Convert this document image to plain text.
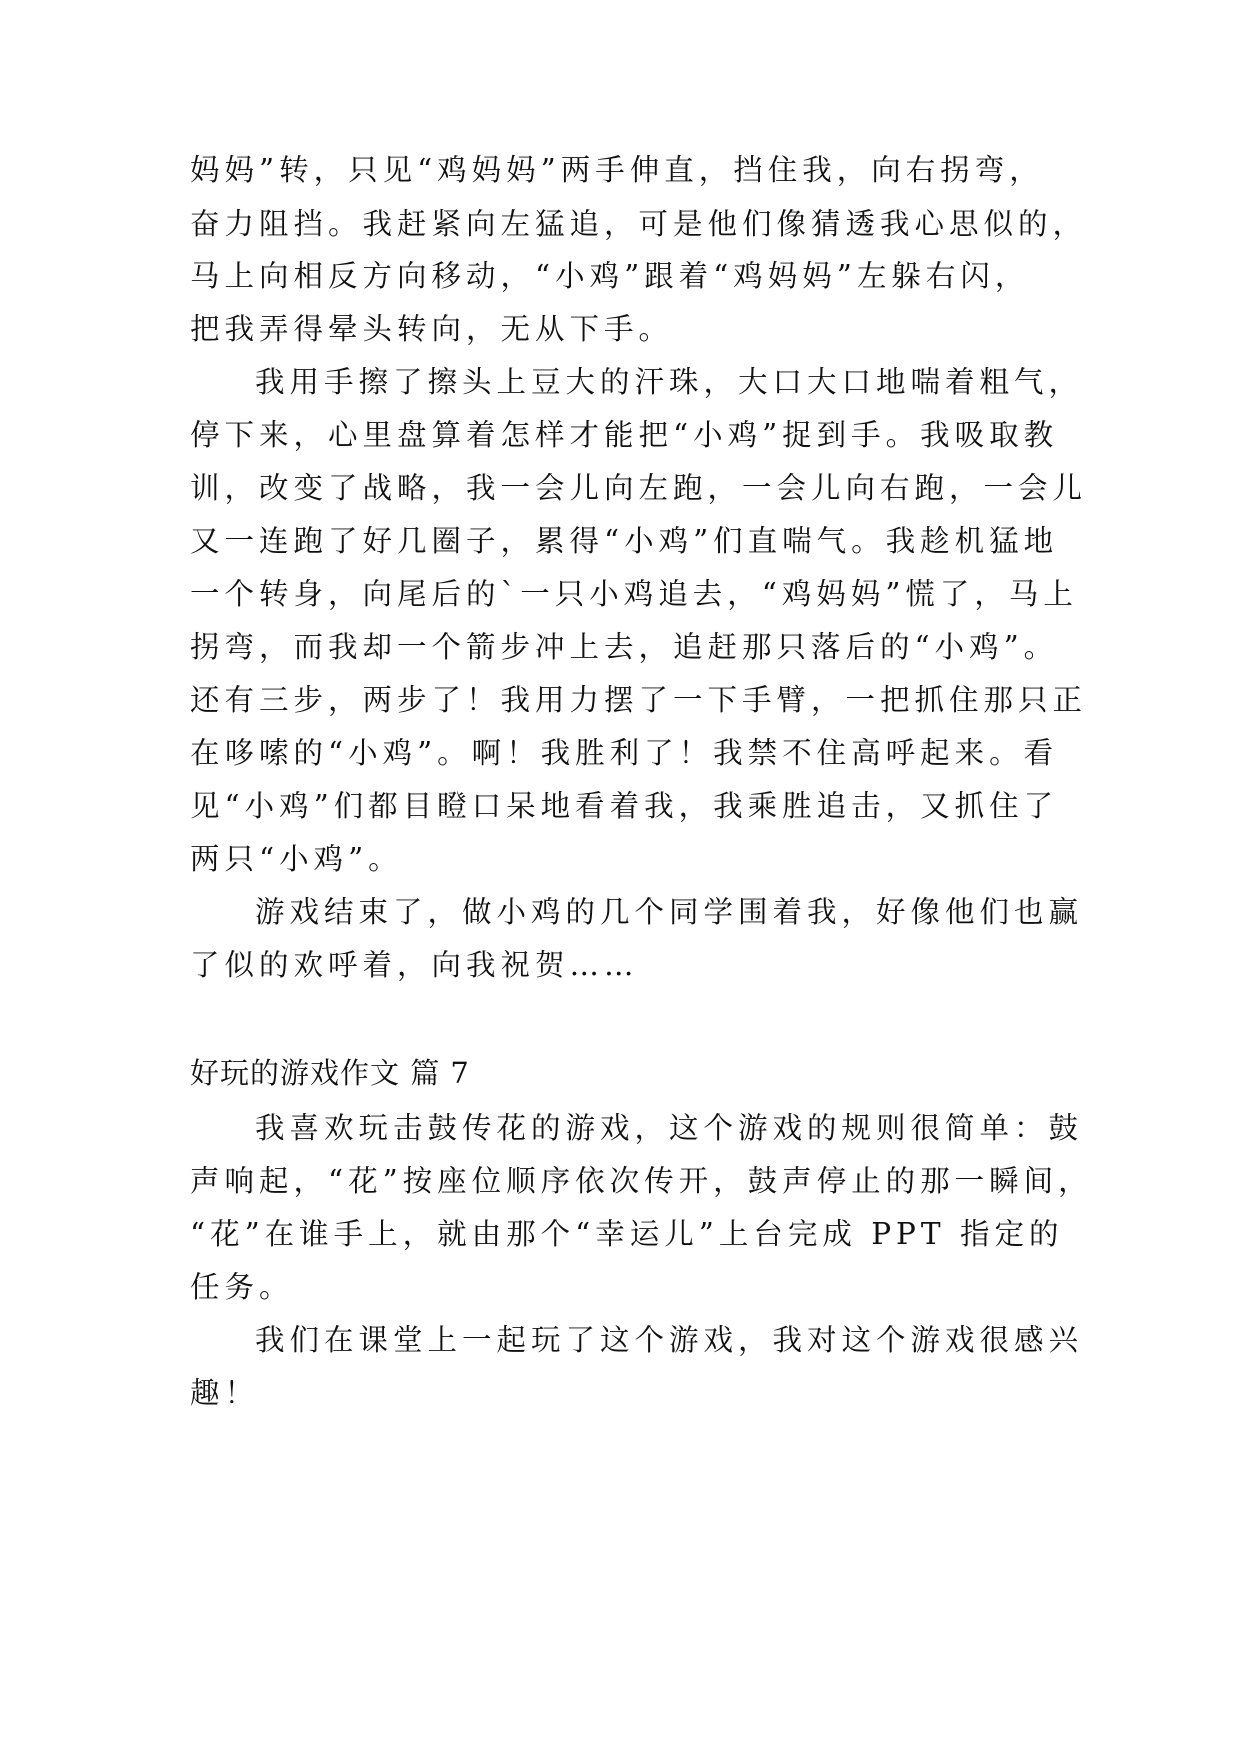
妈妈”转，只见“鸡妈妈”两手伸直，挡住我，向右拐弯，
奋力阻挡。我赶紧向左猛追，可是他们像猜透我心思似的，
马上向相反方向移动，“小鸡”跟着“鸡妈妈”左躲右闪，
把我弄得晕头转向，无从下手。
我用手擦了擦头上豆大的汗珠，大口大口地喘着粗气，
停下来，心里盘算着怎样才能把“小鸡”捉到手。我吸取教
训，改变了战略，我一会儿向左跑，一会儿向右跑，一会儿
又一连跑了好几圈子，累得“小鸡”们直喘气。我趁机猛地
一个转身，向尾后的`一只小鸡追去，“鸡妈妈”慌了，马上
拐弯，而我却一个箭步冲上去，追赶那只落后的“小鸡”。
还有三步，两步了！我用力摆了一下手臂，一把抓住那只正
在哆嗦的“小鸡”。啊！我胜利了！我禁不住高呼起来。看
见“小鸡”们都目瞪口呆地看着我，我乘胜追击，又抓住了
两只“小鸡”。
游戏结束了，做小鸡的几个同学围着我，好像他们也赢
了似的欢呼着，向我祝贺……
好玩的游戏作文 篇 7
我喜欢玩击鼓传花的游戏，这个游戏的规则很简单：鼓
声响起，“花”按座位顺序依次传开，鼓声停止的那一瞬间，
“花”在谁手上，就由那个“幸运儿”上台完成 PPT 指定的
任务。
我们在课堂上一起玩了这个游戏，我对这个游戏很感兴
趣！
